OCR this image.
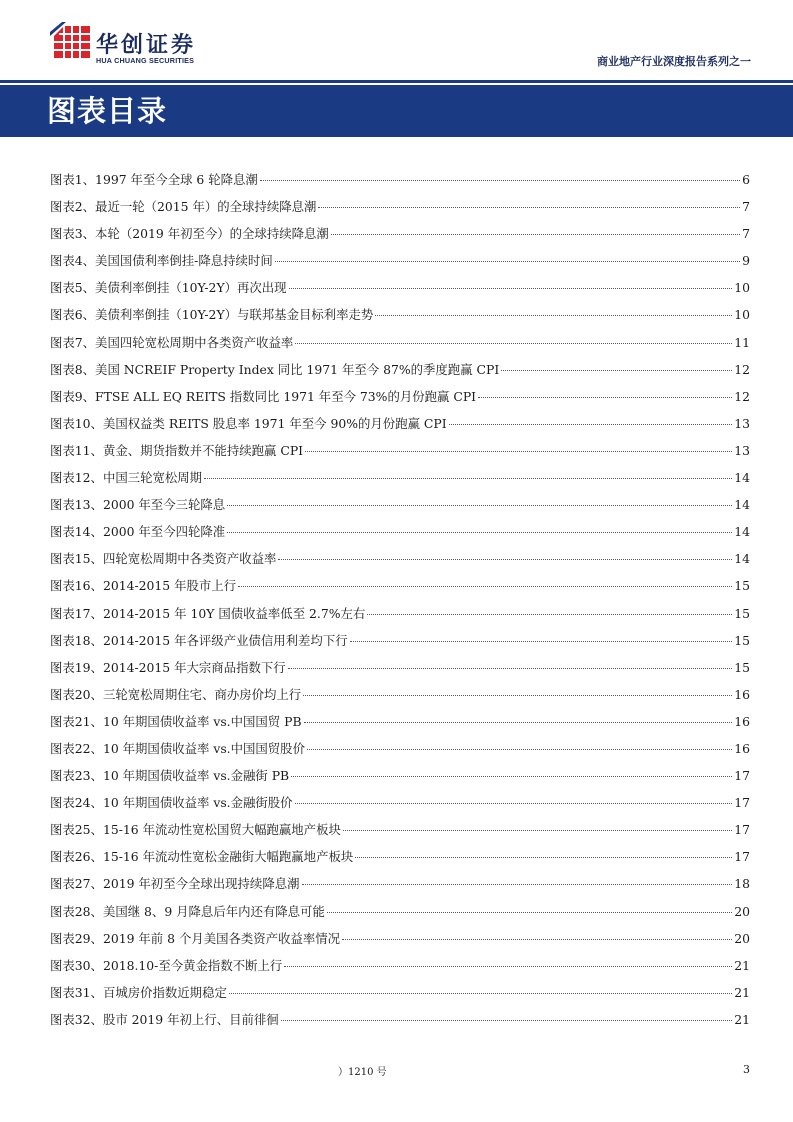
华创证券
HUA CHUANG SECURITIES	商业地产行业深度报告系列之一
图表目录
图表1、1997 年至今全球 6 轮降息潮	6
图表2、最近一轮（2015 年）的全球持续降息潮	7
图表3、本轮（2019 年初至今）的全球持续降息潮	7
图表4、美国国债利率倒挂-降息持续时间	9
图表5、美债利率倒挂（10Y-2Y）再次出现	10
图表6、美债利率倒挂（10Y-2Y）与联邦基金目标利率走势	10
图表7、美国四轮宽松周期中各类资产收益率	11
图表8、美国 NCREIF Property Index 同比 1971 年至今 87%的季度跑赢 CPI	12
图表9、FTSE ALL EQ REITS 指数同比 1971 年至今 73%的月份跑赢 CPI	12
图表10、美国权益类 REITS 股息率 1971 年至今 90%的月份跑赢 CPI	13
图表11、黄金、期货指数并不能持续跑赢 CPI	13
图表12、中国三轮宽松周期	14
图表13、2000 年至今三轮降息	14
图表14、2000 年至今四轮降准	14
图表15、四轮宽松周期中各类资产收益率	14
图表16、2014-2015 年股市上行	15
图表17、2014-2015 年 10Y 国债收益率低至 2.7%左右	15
图表18、2014-2015 年各评级产业债信用利差均下行	15
图表19、2014-2015 年大宗商品指数下行	15
图表20、三轮宽松周期住宅、商办房价均上行	16
图表21、10 年期国债收益率 vs.中国国贸 PB	16
图表22、10 年期国债收益率 vs.中国国贸股价	16
图表23、10 年期国债收益率 vs.金融街 PB	17
图表24、10 年期国债收益率 vs.金融街股价	17
图表25、15-16 年流动性宽松国贸大幅跑赢地产板块	17
图表26、15-16 年流动性宽松金融街大幅跑赢地产板块	17
图表27、2019 年初至今全球出现持续降息潮	18
图表28、美国继 8、9 月降息后年内还有降息可能	20
图表29、2019 年前 8 个月美国各类资产收益率情况	20
图表30、2018.10-至今黄金指数不断上行	21
图表31、百城房价指数近期稳定	21
图表32、股市 2019 年初上行、目前徘徊	21
）1210 号	3
